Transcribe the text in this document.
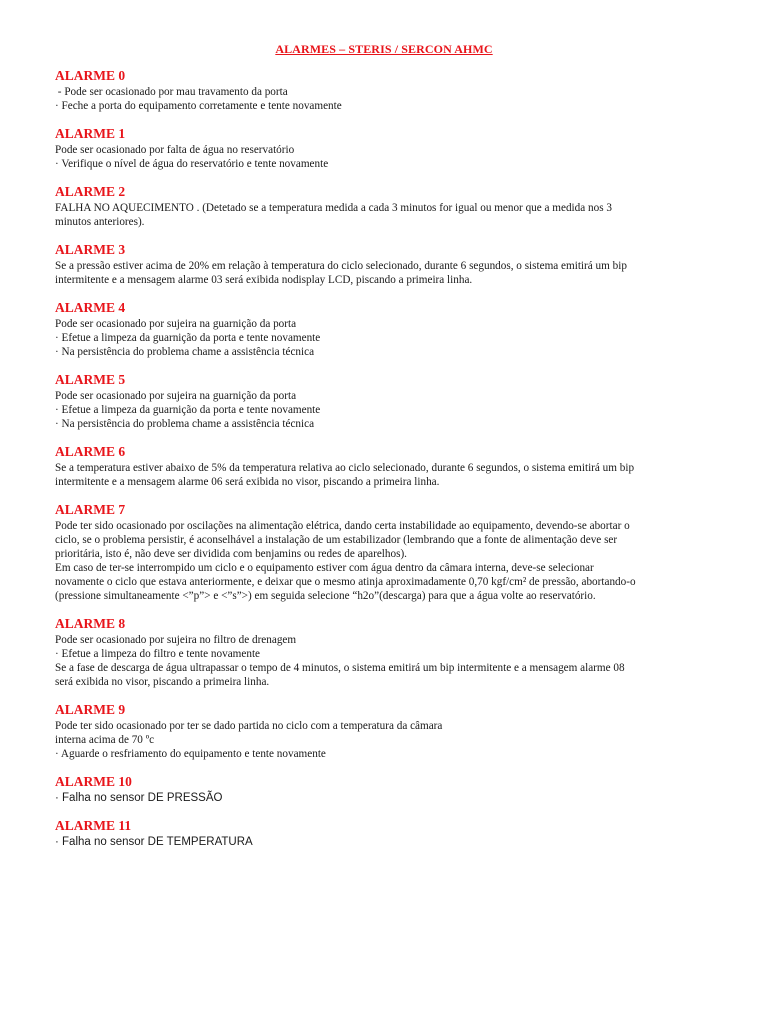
ALARMES – STERIS / SERCON AHMC
ALARME 0

- Pode ser ocasionado por mau travamento da porta

· Feche a porta do equipamento corretamente e tente novamente

ALARME 1

Pode ser ocasionado por falta de água no reservatório

· Verifique o nível de água do reservatório e tente novamente

ALARME 2

FALHA NO AQUECIMENTO . (Detetado se a temperatura medida a cada 3 minutos for igual ou menor que a medida nos 3

minutos anteriores).

ALARME 3

Se a pressão estiver acima de 20% em relação à temperatura do ciclo selecionado, durante 6 segundos, o sistema emitirá um bip

intermitente e a mensagem alarme 03 será exibida nodisplay LCD, piscando a primeira linha.

ALARME 4

Pode ser ocasionado por sujeira na guarnição da porta

· Efetue a limpeza da guarnição da porta e tente novamente

· Na persistência do problema chame a assistência técnica

ALARME 5

Pode ser ocasionado por sujeira na guarnição da porta

· Efetue a limpeza da guarnição da porta e tente novamente

· Na persistência do problema chame a assistência técnica

ALARME 6

Se a temperatura estiver abaixo de 5% da temperatura relativa ao ciclo selecionado, durante 6 segundos, o sistema emitirá um bip

intermitente e a mensagem alarme 06 será exibida no visor, piscando a primeira linha.

ALARME 7

Pode ter sido ocasionado por oscilações na alimentação elétrica, dando certa instabilidade ao equipamento, devendo-se abortar o

ciclo, se o problema persistir, é aconselhável a instalação de um estabilizador (lembrando que a fonte de alimentação deve ser

prioritária, isto é, não deve ser dividida com benjamins ou redes de aparelhos).

Em caso de ter-se interrompido um ciclo e o equipamento estiver com água dentro da câmara interna, deve-se selecionar

novamente o ciclo que estava anteriormente, e deixar que o mesmo atinja aproximadamente 0,70 kgf/cm² de pressão, abortando-o

(pressione simultaneamente <”p”> e <”s”>) em seguida selecione “h2o”(descarga) para que a água volte ao reservatório.

ALARME 8

Pode ser ocasionado por sujeira no filtro de drenagem

· Efetue a limpeza do filtro e tente novamente

Se a fase de descarga de água ultrapassar o tempo de 4 minutos, o sistema emitirá um bip intermitente e a mensagem alarme 08

será exibida no visor, piscando a primeira linha.

ALARME 9

Pode ter sido ocasionado por ter se dado partida no ciclo com a temperatura da câmara

interna acima de 70 ºc

· Aguarde o resfriamento do equipamento e tente novamente

ALARME 10

· Falha no sensor DE PRESSÃO

ALARME 11

· Falha no sensor DE TEMPERATURA
